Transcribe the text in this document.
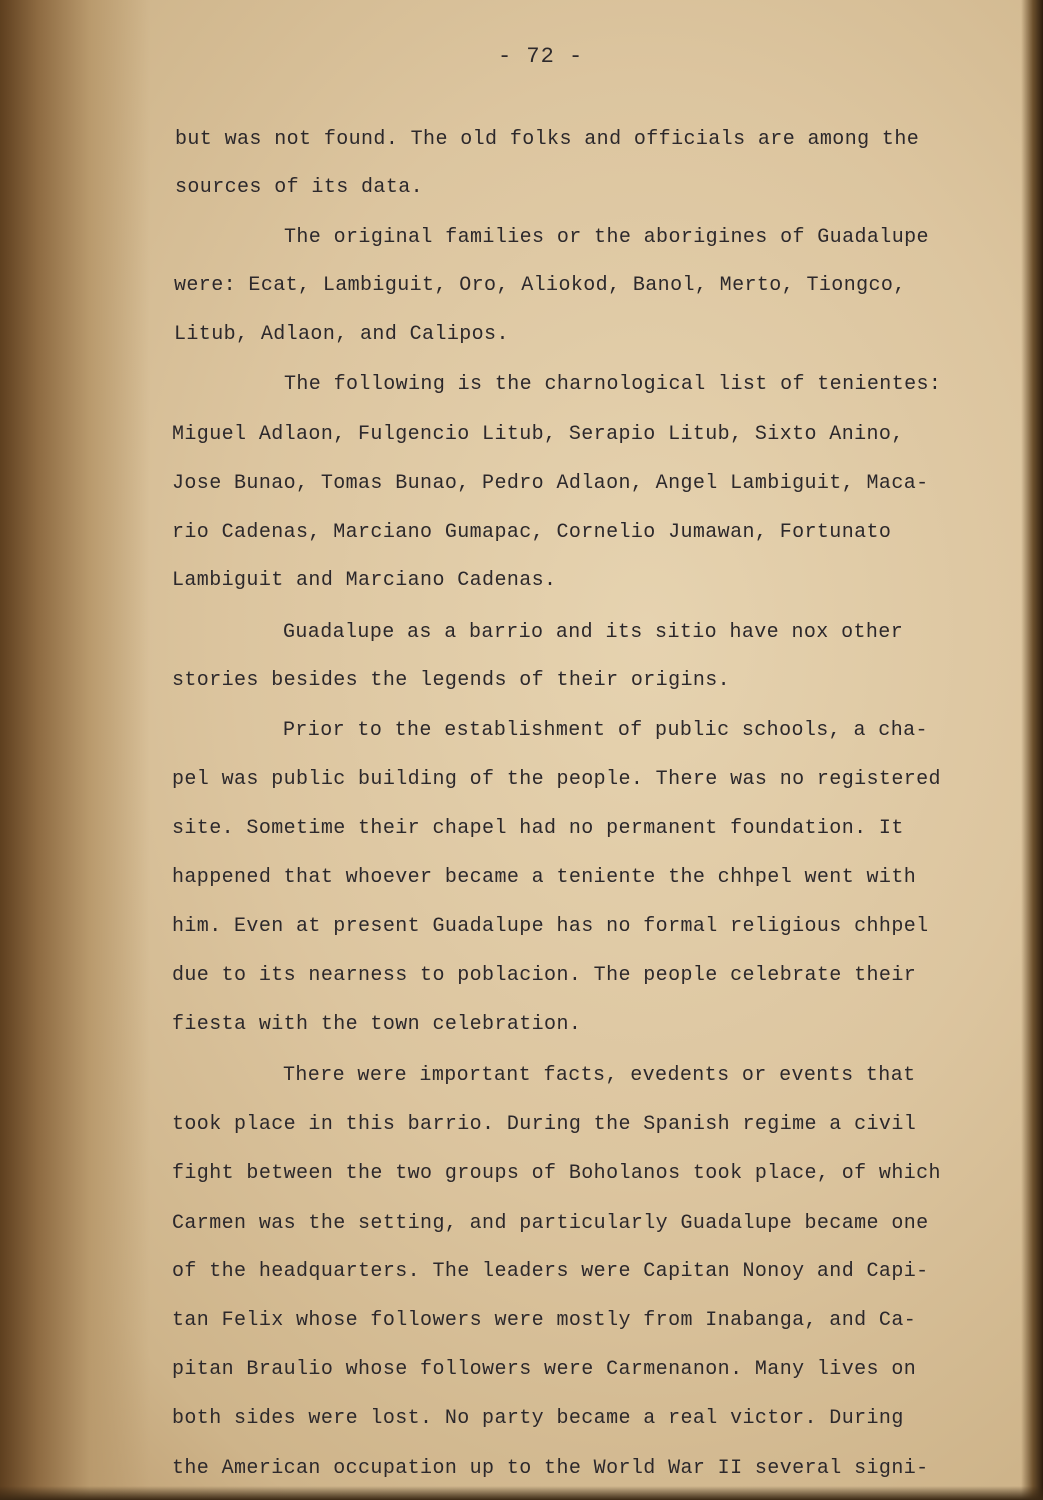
- 72 -
but was not found. The old folks and officials are among the
sources of its data.
The original families or the aborigines of Guadalupe
were: Ecat, Lambiguit, Oro, Aliokod, Banol, Merto, Tiongco,
Litub, Adlaon, and Calipos.
The following is the charnological list of tenientes:
Miguel Adlaon, Fulgencio Litub, Serapio Litub, Sixto Anino,
Jose Bunao, Tomas Bunao, Pedro Adlaon, Angel Lambiguit, Maca-
rio Cadenas, Marciano Gumapac, Cornelio Jumawan, Fortunato
Lambiguit and Marciano Cadenas.
Guadalupe as a barrio and its sitio have nox other
stories besides the legends of their origins.
Prior to the establishment of public schools, a cha-
pel was public building of the people. There was no registered
site. Sometime their chapel had no permanent foundation. It
happened that whoever became a teniente the chhpel went with
him. Even at present Guadalupe has no formal religious chhpel
due to its nearness to poblacion. The people celebrate their
fiesta with the town celebration.
There were important facts, evedents or events that
took place in this barrio. During the Spanish regime a civil
fight between the two groups of Boholanos took place, of which
Carmen was the setting, and particularly Guadalupe became one
of the headquarters. The leaders were Capitan Nonoy and Capi-
tan Felix whose followers were mostly from Inabanga, and Ca-
pitan Braulio whose followers were Carmenanon. Many lives on
both sides were lost. No party became a real victor. During
the American occupation up to the World War II several signi-
